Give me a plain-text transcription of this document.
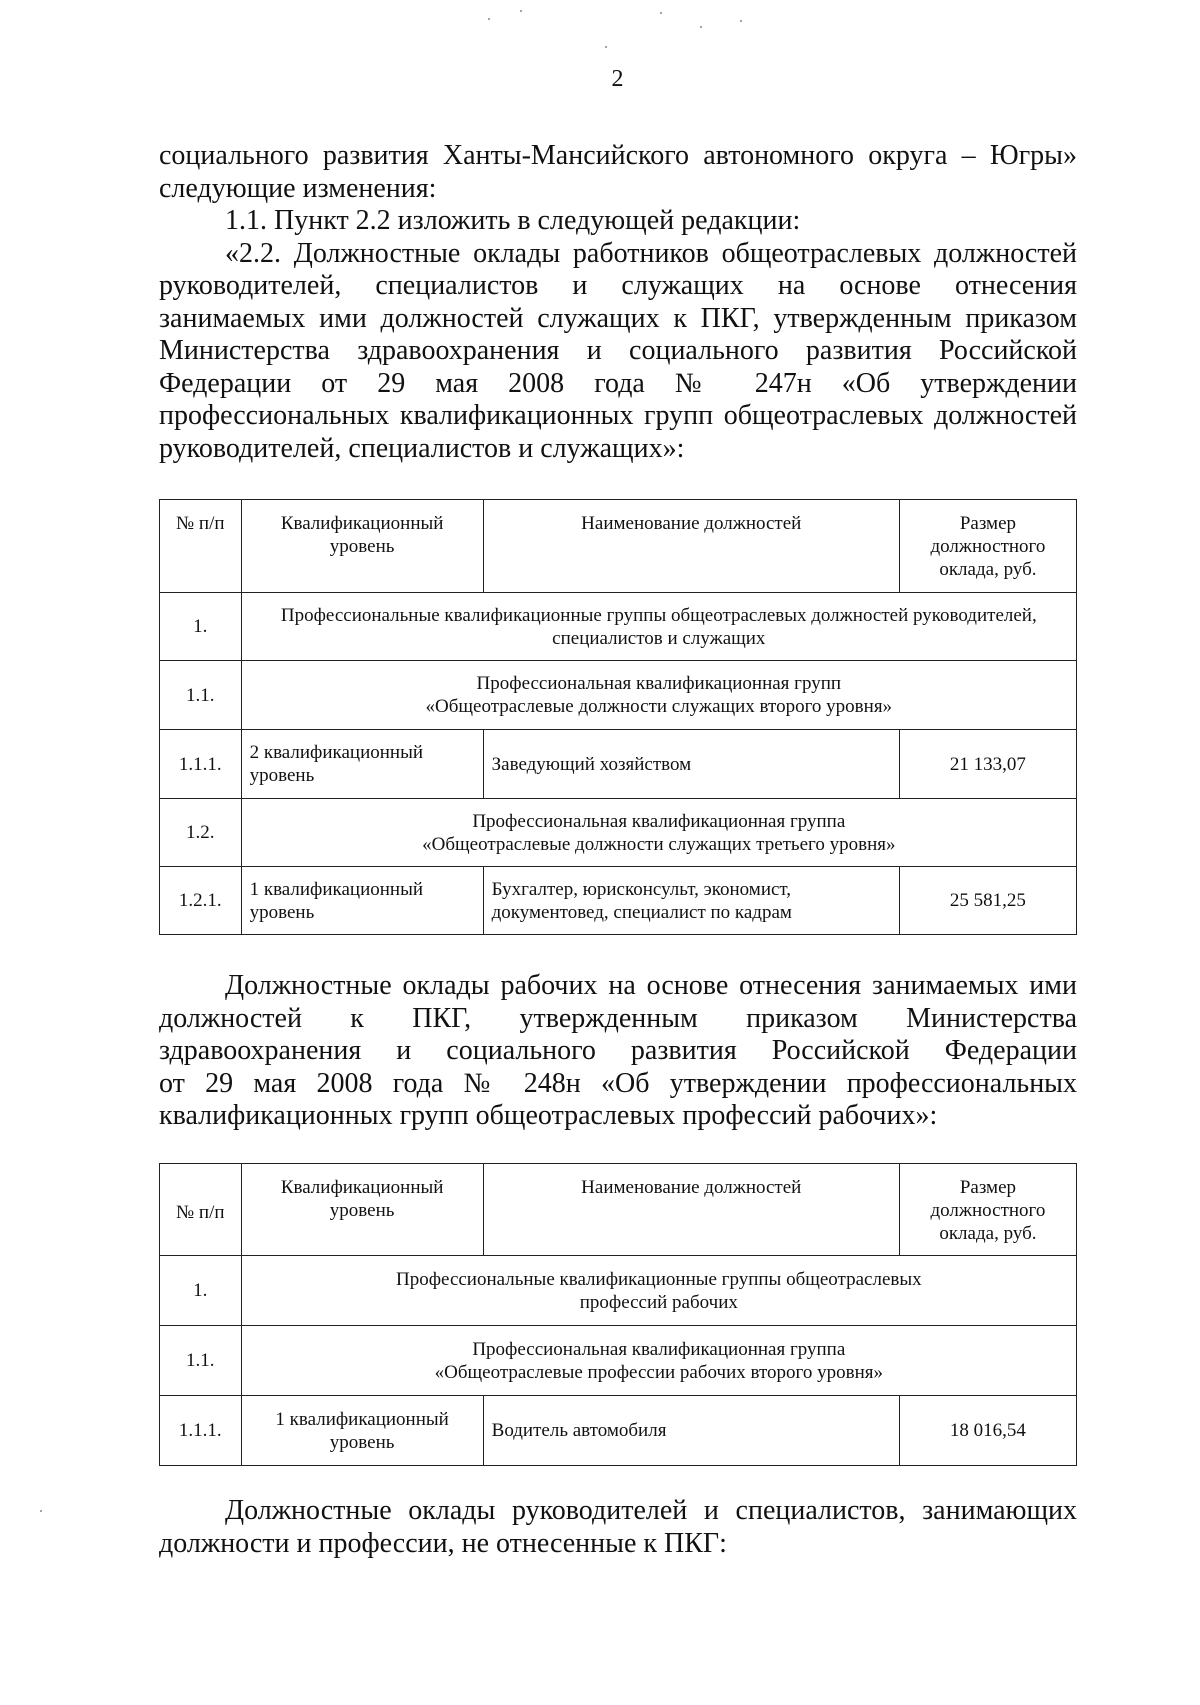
2
социального развития Ханты-Мансийского автономного округа – Югры»
следующие изменения:
1.1. Пункт 2.2 изложить в следующей редакции:
«2.2. Должностные оклады работников общеотраслевых должностей
руководителей, специалистов и служащих на основе отнесения
занимаемых ими должностей служащих к ПКГ, утвержденным приказом
Министерства здравоохранения и социального развития Российской
Федерации от 29 мая 2008 года № 247н «Об утверждении
профессиональных квалификационных групп общеотраслевых должностей
руководителей, специалистов и служащих»:
№ п/п	Квалификационный уровень	Наименование должностей	Размер должностного оклада, руб.
1.	Профессиональные квалификационные группы общеотраслевых должностей руководителей, специалистов и служащих		
1.1.	Профессиональная квалификационная групп
«Общеотраслевые должности служащих второго уровня»		

1.1.1.	2 квалификационный уровень	Заведующий хозяйством	21 133,07
1.2.	Профессиональная квалификационная группа
«Общеотраслевые должности служащих третьего уровня»		

1.2.1.	1 квалификационный уровень	Бухгалтер, юрисконсульт, экономист, документовед, специалист по кадрам	25 581,25
Должностные оклады рабочих на основе отнесения занимаемых ими
должностей к ПКГ, утвержденным приказом Министерства
здравоохранения и социального развития Российской Федерации
от 29 мая 2008 года № 248н «Об утверждении профессиональных
квалификационных групп общеотраслевых профессий рабочих»:
№ п/п	Квалификационный уровень	Наименование должностей	Размер должностного оклада, руб.
1.	Профессиональные квалификационные группы общеотраслевых
профессий рабочих		

1.1.	Профессиональная квалификационная группа
«Общеотраслевые профессии рабочих второго уровня»		

1.1.1.	1 квалификационный уровень	Водитель автомобиля	18 016,54
Должностные оклады руководителей и специалистов, занимающих
должности и профессии, не отнесенные к ПКГ:
